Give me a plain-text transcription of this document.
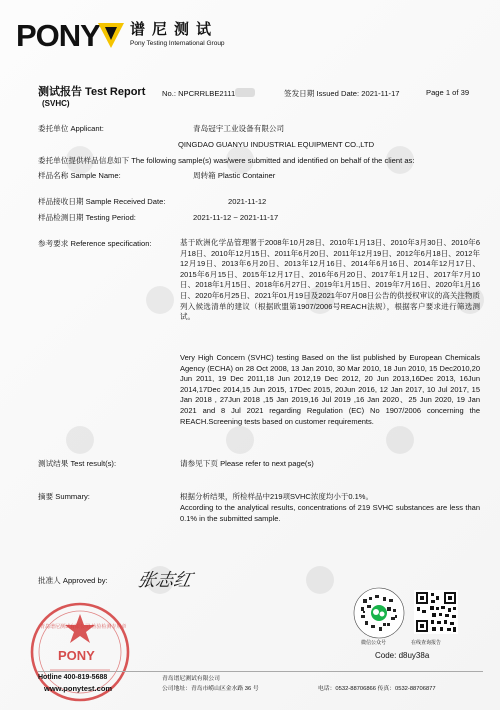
PONY 谱尼测试
Pony Testing International Group
测试报告 Test Report
(SVHC)
No.: NPCRRLBE2111	签发日期 Issued Date: 2021-11-17	Page 1 of 39
委托单位 Applicant:	青岛冠宇工业设备有限公司
QINGDAO GUANYU INDUSTRIAL EQUIPMENT CO.,LTD
委托单位提供样品信息如下 The following sample(s) was/were submitted and identified on behalf of the client as:
样品名称 Sample Name:	周转箱 Plastic Container
样品接收日期 Sample Received Date:	2021-11-12
样品检测日期 Testing Period:	2021-11-12 ~ 2021-11-17
参考要求 Reference specification:	基于欧洲化学品管理署于2008年10月28日、2010年1月13日、2010年3月30日、2010年6月18日、2010年12月15日、2011年6月20日、2011年12月19日、2012年6月18日、2012年12月19日、2013年6月20日、2013年12月16日、2014年6月16日、2014年12月17日、2015年6月15日、2015年12月17日、2016年6月20日、2017年1月12日、2017年7月10日、2018年1月15日、2018年6月27日、2019年1月15日、2019年7月16日、2020年1月16日、2020年6月25日、2021年01月19日及2021年07月08日公告的供授权审议的高关注物质列入候选清单的建议（根据欧盟第1907/2006号REACH法规），根据客户要求进行筛选测试。
Very High Concern (SVHC) testing Based on the list published by European Chemicals Agency (ECHA) on 28 Oct 2008, 13 Jan 2010, 30 Mar 2010, 18 Jun 2010, 15 Dec2010,20 Jun 2011, 19 Dec 2011,18 Jun 2012,19 Dec 2012, 20 Jun 2013,16Dec 2013, 16Jun 2014,17Dec 2014,15 Jun 2015, 17Dec 2015, 20Jun 2016, 12 Jan 2017, 10 Jul 2017, 15 Jan 2018 , 27Jun 2018 ,15 Jan 2019,16 Jul 2019 ,16 Jan 2020、25 Jun 2020, 19 Jan 2021 and 8 Jul 2021 regarding Regulation (EC) No 1907/2006 concerning the REACH.Screening tests based on customer requirements.
测试结果 Test result(s):	请参见下页 Please refer to next page(s)
摘要 Summary:	根据分析结果，所检样品中219项SVHC浓度均小于0.1%。
According to the analytical results, concentrations of 219 SVHC substances are less than 0.1% in the submitted sample.
批准人 Approved by: 张志红
PONY
青岛谱尼测试有限公司 检验检测专用章
微信公众号	在线查询报告
Code: d8uy38a
Hotline 400-819-5688
www.ponytest.com
青岛谱尼测试有限公司
公司地址：青岛市崂山区金水路 36 号	电话：0532-88706866 传真：0532-88706877
